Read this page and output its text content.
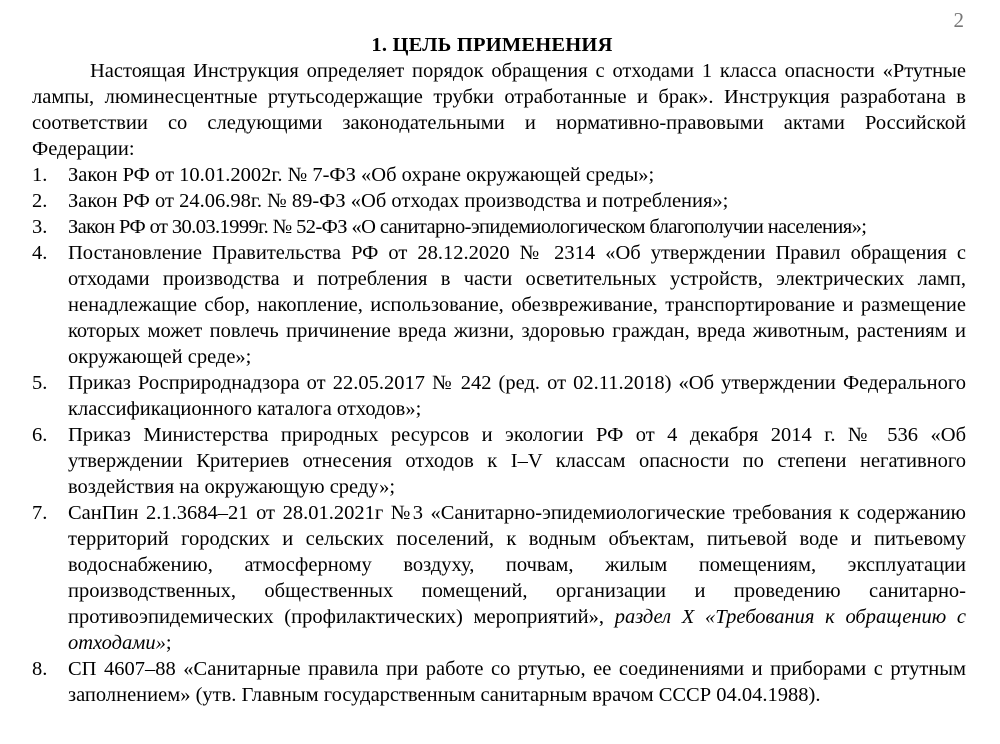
2
1. ЦЕЛЬ ПРИМЕНЕНИЯ

Настоящая Инструкция определяет порядок обращения с отходами 1 класса опасности «Ртутные лампы, люминесцентные ртутьсодержащие трубки отработанные и брак». Инструкция разработана в соответствии со следующими законодательными и нормативно-правовыми актами Российской Федерации:

1. Закон РФ от 10.01.2002г. № 7-ФЗ «Об охране окружающей среды»;
2. Закон РФ от 24.06.98г. № 89-ФЗ «Об отходах производства и потребления»;
3. Закон РФ от 30.03.1999г. № 52-ФЗ «О санитарно-эпидемиологическом благополучии населения»;
4. Постановление Правительства РФ от 28.12.2020 № 2314 «Об утверждении Правил обращения с отходами производства и потребления в части осветительных устройств, электрических ламп, ненадлежащие сбор, накопление, использование, обезвреживание, транспортирование и размещение которых может повлечь причинение вреда жизни, здоровью граждан, вреда животным, растениям и окружающей среде»;
5. Приказ Росприроднадзора от 22.05.2017 № 242 (ред. от 02.11.2018) «Об утверждении Федерального классификационного каталога отходов»;
6. Приказ Министерства природных ресурсов и экологии РФ от 4 декабря 2014 г. № 536 «Об утверждении Критериев отнесения отходов к I–V классам опасности по степени негативного воздействия на окружающую среду»;
7. СанПин 2.1.3684–21 от 28.01.2021г №3 «Санитарно-эпидемиологические требования к содержанию территорий городских и сельских поселений, к водным объектам, питьевой воде и питьевому водоснабжению, атмосферному воздуху, почвам, жилым помещениям, эксплуатации производственных, общественных помещений, организации и проведению санитарно-противоэпидемических (профилактических) мероприятий», раздел X «Требования к обращению с отходами»;
8. СП 4607–88 «Санитарные правила при работе со ртутью, ее соединениями и приборами с ртутным заполнением» (утв. Главным государственным санитарным врачом СССР 04.04.1988).
